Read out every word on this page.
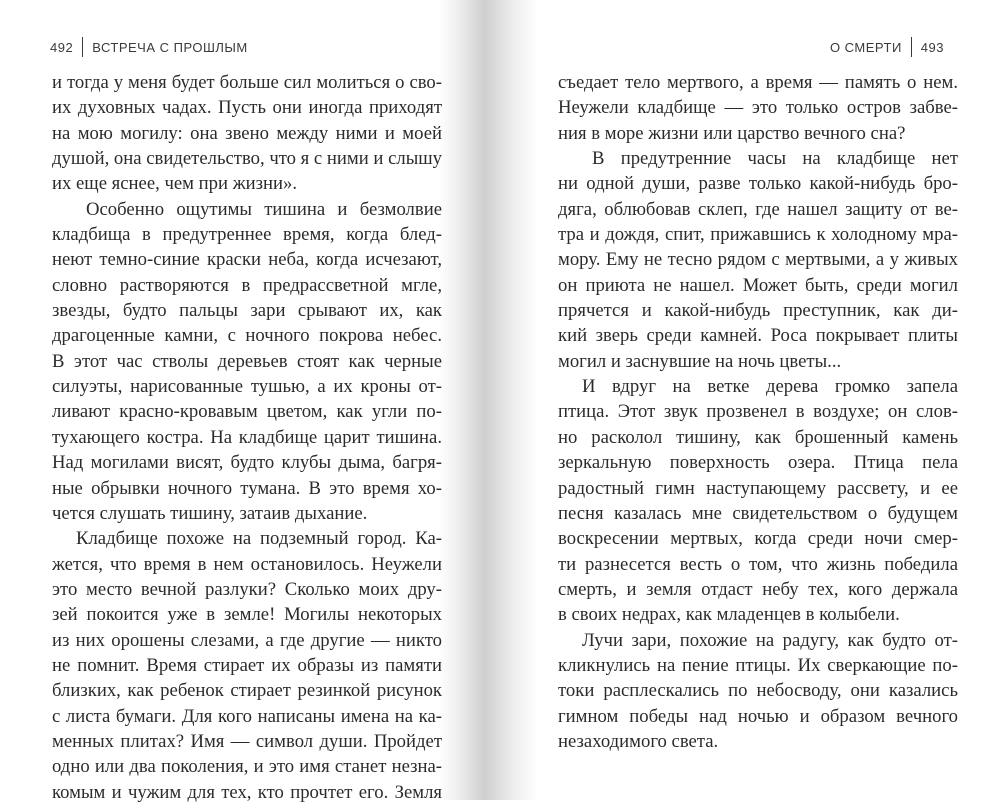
492 ВСТРЕЧА С ПРОШЛЫМ
и тогда у меня будет больше сил молиться о сво-
их духовных чадах. Пусть они иногда приходят
на мою могилу: она звено между ними и моей
душой, она свидетельство, что я с ними и слышу
их еще яснее, чем при жизни».
Особенно ощутимы тишина и безмолвие
кладбища в предутреннее время, когда блед-
неют темно-синие краски неба, когда исчезают,
словно растворяются в предрассветной мгле,
звезды, будто пальцы зари срывают их, как
драгоценные камни, с ночного покрова небес.
В этот час стволы деревьев стоят как черные
силуэты, нарисованные тушью, а их кроны от-
ливают красно-кровавым цветом, как угли по-
тухающего костра. На кладбище царит тишина.
Над могилами висят, будто клубы дыма, багря-
ные обрывки ночного тумана. В это время хо-
чется слушать тишину, затаив дыхание.
Кладбище похоже на подземный город. Ка-
жется, что время в нем остановилось. Неужели
это место вечной разлуки? Сколько моих дру-
зей покоится уже в земле! Могилы некоторых
из них орошены слезами, а где другие — никто
не помнит. Время стирает их образы из памяти
близких, как ребенок стирает резинкой рисунок
с листа бумаги. Для кого написаны имена на ка-
менных плитах? Имя — символ души. Пройдет
одно или два поколения, и это имя станет незна-
комым и чужим для тех, кто прочтет его. Земля
О СМЕРТИ 493
съедает тело мертвого, а время — память о нем.
Неужели кладбище — это только остров забве-
ния в море жизни или царство вечного сна?
В предутренние часы на кладбище нет
ни одной души, разве только какой-нибудь бро-
дяга, облюбовав склеп, где нашел защиту от ве-
тра и дождя, спит, прижавшись к холодному мра-
мору. Ему не тесно рядом с мертвыми, а у живых
он приюта не нашел. Может быть, среди могил
прячется и какой-нибудь преступник, как ди-
кий зверь среди камней. Роса покрывает плиты
могил и заснувшие на ночь цветы...
И вдруг на ветке дерева громко запела
птица. Этот звук прозвенел в воздухе; он слов-
но расколол тишину, как брошенный камень
зеркальную поверхность озера. Птица пела
радостный гимн наступающему рассвету, и ее
песня казалась мне свидетельством о будущем
воскресении мертвых, когда среди ночи смер-
ти разнесется весть о том, что жизнь победила
смерть, и земля отдаст небу тех, кого держала
в своих недрах, как младенцев в колыбели.
Лучи зари, похожие на радугу, как будто от-
кликнулись на пение птицы. Их сверкающие по-
токи расплескались по небосводу, они казались
гимном победы над ночью и образом вечного
незаходимого света.
